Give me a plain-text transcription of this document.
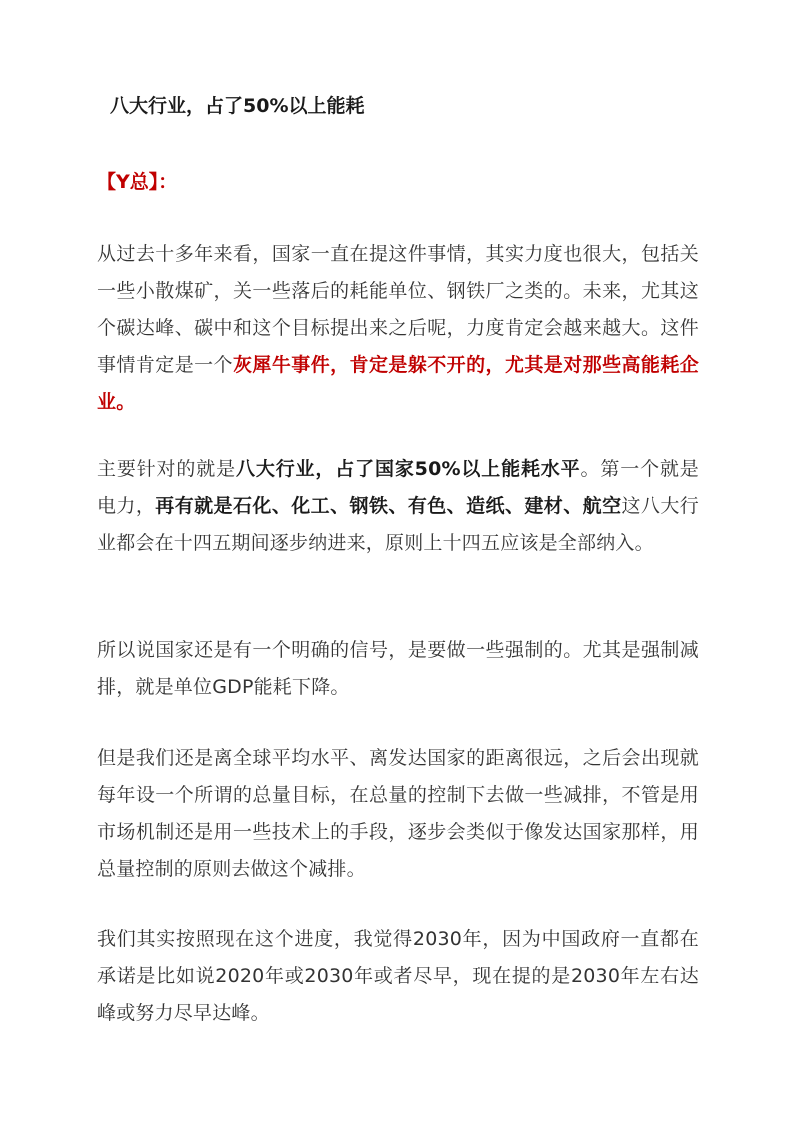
八大行业，占了50%以上能耗
【Y总】：

从过去十多年来看，国家一直在提这件事情，其实力度也很大，包括关一些小散煤矿，关一些落后的耗能单位、钢铁厂之类的。未来，尤其这个碳达峰、碳中和这个目标提出来之后呢，力度肯定会越来越大。这件事情肯定是一个灰犀牛事件，肯定是躲不开的，尤其是对那些高能耗企业。

主要针对的就是八大行业，占了国家50%以上能耗水平。第一个就是电力，再有就是石化、化工、钢铁、有色、造纸、建材、航空这八大行业都会在十四五期间逐步纳进来，原则上十四五应该是全部纳入。

所以说国家还是有一个明确的信号，是要做一些强制的。尤其是强制减排，就是单位GDP能耗下降。

但是我们还是离全球平均水平、离发达国家的距离很远，之后会出现就每年设一个所谓的总量目标，在总量的控制下去做一些减排，不管是用市场机制还是用一些技术上的手段，逐步会类似于像发达国家那样，用总量控制的原则去做这个减排。

我们其实按照现在这个进度，我觉得2030年，因为中国政府一直都在承诺是比如说2020年或2030年或者尽早，现在提的是2030年左右达峰或努力尽早达峰。
